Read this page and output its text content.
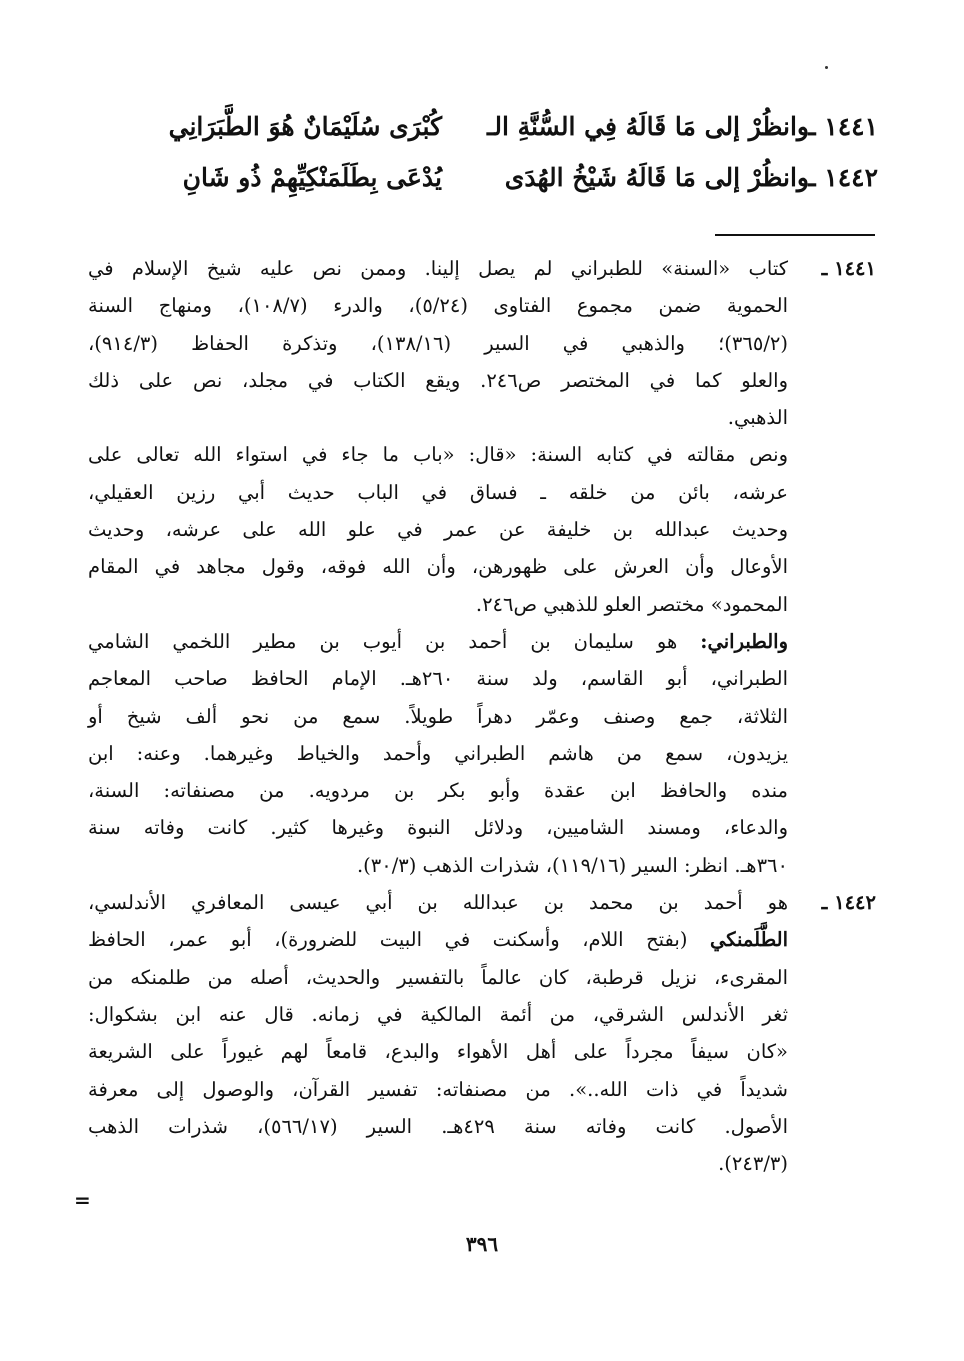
١٤٤١ ـ
وانظُرْ إلى مَا قَالَهُ فِي السُّنَّةِ الـ
كُبْرَى سُلَيْمَانٌ هُوَ الطَّبَرَانِي
١٤٤٢ ـ
وانظُرْ إلى مَا قَالَهُ شَيْخُ الهُدَى
يُدْعَى بِطَلَمَنْكِيِّهِمْ ذُو شَانِ
١٤٤١ ـ

كتاب «السنة» للطبراني لم يصل إلينا. وممن نص عليه شيخ الإسلام في
الحموية ضمن مجموع الفتاوى (٥/٢٤)، والدرء (١٠٨/٧)، ومنهاج السنة
(٣٦٥/٢)؛ والذهبي في السير (١٣٨/١٦)، وتذكرة الحفاظ (٩١٤/٣)،
والعلو كما في المختصر ص٢٤٦. ويقع الكتاب في مجلد، نص على ذلك
الذهبي.

ونص مقالته في كتابه السنة: «قال: «باب ما جاء في استواء الله تعالى على
عرشه، بائن من خلقه ـ فساق في الباب حديث أبي رزين العقيلي،
وحديث عبدالله بن خليفة عن عمر في علو الله على عرشه، وحديث
الأوعال وأن العرش على ظهورهن، وأن الله فوقه، وقول مجاهد في المقام
المحمود» مختصر العلو للذهبي ص٢٤٦.

والطبراني: هو سليمان بن أحمد بن أيوب بن مطير اللخمي الشامي
الطبراني، أبو القاسم، ولد سنة ٢٦٠هـ. الإمام الحافظ صاحب المعاجم
الثلاثة، جمع وصنف وعمّر دهراً طويلاً. سمع من نحو ألف شيخ أو
يزيدون، سمع من هاشم الطبراني وأحمد والخياط وغيرهما. وعنه: ابن
منده والحافظ ابن عقدة وأبو بكر بن مردويه. من مصنفاته: السنة،
والدعاء، ومسند الشاميين، ودلائل النبوة وغيرها كثير. كانت وفاته سنة
٣٦٠هـ. انظر: السير (١١٩/١٦)، شذرات الذهب (٣٠/٣).

١٤٤٢ ـ

هو أحمد بن محمد بن عبدالله بن أبي عيسى المعافري الأندلسي،
الطَّلَمنكي (بفتح اللام، وأسكنت في البيت للضرورة)، أبو عمر، الحافظ
المقرىء، نزيل قرطبة، كان عالماً بالتفسير والحديث، أصله من طلمنكه من
ثغر الأندلس الشرقي، من أئمة المالكية في زمانه. قال عنه ابن بشكوال:
«كان سيفاً مجرداً على أهل الأهواء والبدع، قامعاً لهم غيوراً على الشريعة
شديداً في ذات الله..». من مصنفاته: تفسير القرآن، والوصول إلى معرفة
الأصول. كانت وفاته سنة ٤٢٩هـ. السير (٥٦٦/١٧)، شذرات الذهب
(٢٤٣/٣).

=
٣٩٦
